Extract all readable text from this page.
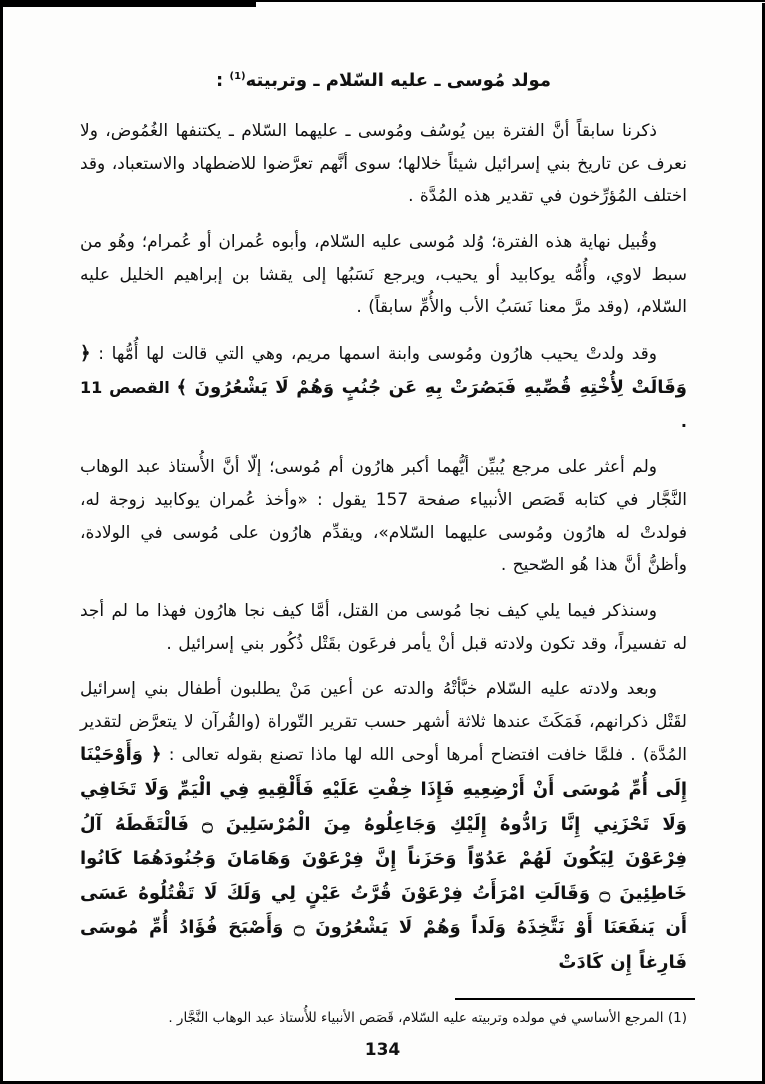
مولد مُوسى ـ عليه السّلام ـ وتربيته$^{(1)}$ :

ذكرنا سابقاً أنَّ الفترة بين يُوسُف ومُوسى ـ عليهما السّلام ـ يكتنفها الغُمُوض، ولا نعرف عن تاريخ بني إسرائيل شيئاً خلالها؛ سوى أنَّهم تعرَّضوا للاضطهاد والاستعباد، وقد اختلف المُؤرِّخون في تقدير هذه المُدَّة .

وقُبيل نهاية هذه الفترة؛ وُلد مُوسى عليه السّلام، وأبوه عُمران أو عُمرام؛ وهُو من سبط لاوي، وأُمُّه يوكابيد أو يحيب، ويرجع نَسَبُها إلى يقشا بن إبراهيم الخليل عليه السّلام، (وقد مرَّ معنا نَسَبُ الأب والأُمِّ سابقاً) .

وقد ولدتْ يحيب هارُون ومُوسى وابنة اسمها مريم، وهي التي قالت لها أُمُّها : ﴿ وَقَالَتْ لِأُخْتِهِ قُصِّيهِ فَبَصُرَتْ بِهِ عَن جُنُبٍ وَهُمْ لَا يَشْعُرُونَ ﴾ القصص 11 .

ولم أعثر على مرجع يُبيِّن أيُّهما أكبر هارُون أم مُوسى؛ إلّا أنَّ الأُستاذ عبد الوهاب النَّجَّار في كتابه قَصَص الأنبياء صفحة 157 يقول : «وأخذ عُمران يوكابيد زوجة له، فولدتْ له هارُون ومُوسى عليهما السّلام»، ويقدِّم هارُون على مُوسى في الولادة، وأظنُّ أنَّ هذا هُو الصّحيح .

وسنذكر فيما يلي كيف نجا مُوسى من القتل، أمَّا كيف نجا هارُون فهذا ما لم أجد له تفسيراً، وقد تكون ولادته قبل أنْ يأمر فرعَون بقَتْل ذُكُور بني إسرائيل .

وبعد ولادته عليه السّلام خبَّأتْهُ والدته عن أعين مَنْ يطلبون أطفال بني إسرائيل لقَتْل ذكرانهم، فَمَكَثَ عندها ثلاثة أشهر حسب تقرير التّوراة (والقُرآن لا يتعرَّض لتقدير المُدَّة) . فلمَّا خافت افتضاح أمرها أوحى الله لها ماذا تصنع بقوله تعالى : ﴿ وَأَوْحَيْنَا إِلَى أُمِّ مُوسَى أَنْ أَرْضِعِيهِ فَإِذَا خِفْتِ عَلَيْهِ فَأَلْقِيهِ فِي الْيَمِّ وَلَا تَخَافِي وَلَا تَحْزَنِي إِنَّا رَادُّوهُ إِلَيْكِ وَجَاعِلُوهُ مِنَ الْمُرْسَلِينَ ۝ فَالْتَقَطَهُ آلُ فِرْعَوْنَ لِيَكُونَ لَهُمْ عَدُوّاً وَحَزَناً إِنَّ فِرْعَوْنَ وَهَامَانَ وَجُنُودَهُمَا كَانُوا خَاطِئِينَ ۝ وَقَالَتِ امْرَأَتُ فِرْعَوْنَ قُرَّتُ عَيْنٍ لِي وَلَكَ لَا تَقْتُلُوهُ عَسَى أَن يَنفَعَنَا أَوْ نَتَّخِذَهُ وَلَداً وَهُمْ لَا يَشْعُرُونَ ۝ وَأَصْبَحَ فُؤَادُ أُمِّ مُوسَى فَارِغاً إِن كَادَتْ

(1) المرجع الأساسي في مولده وتربيته عليه السّلام، قَصَص الأنبياء للأُستاذ عبد الوهاب النَّجَّار .

134
